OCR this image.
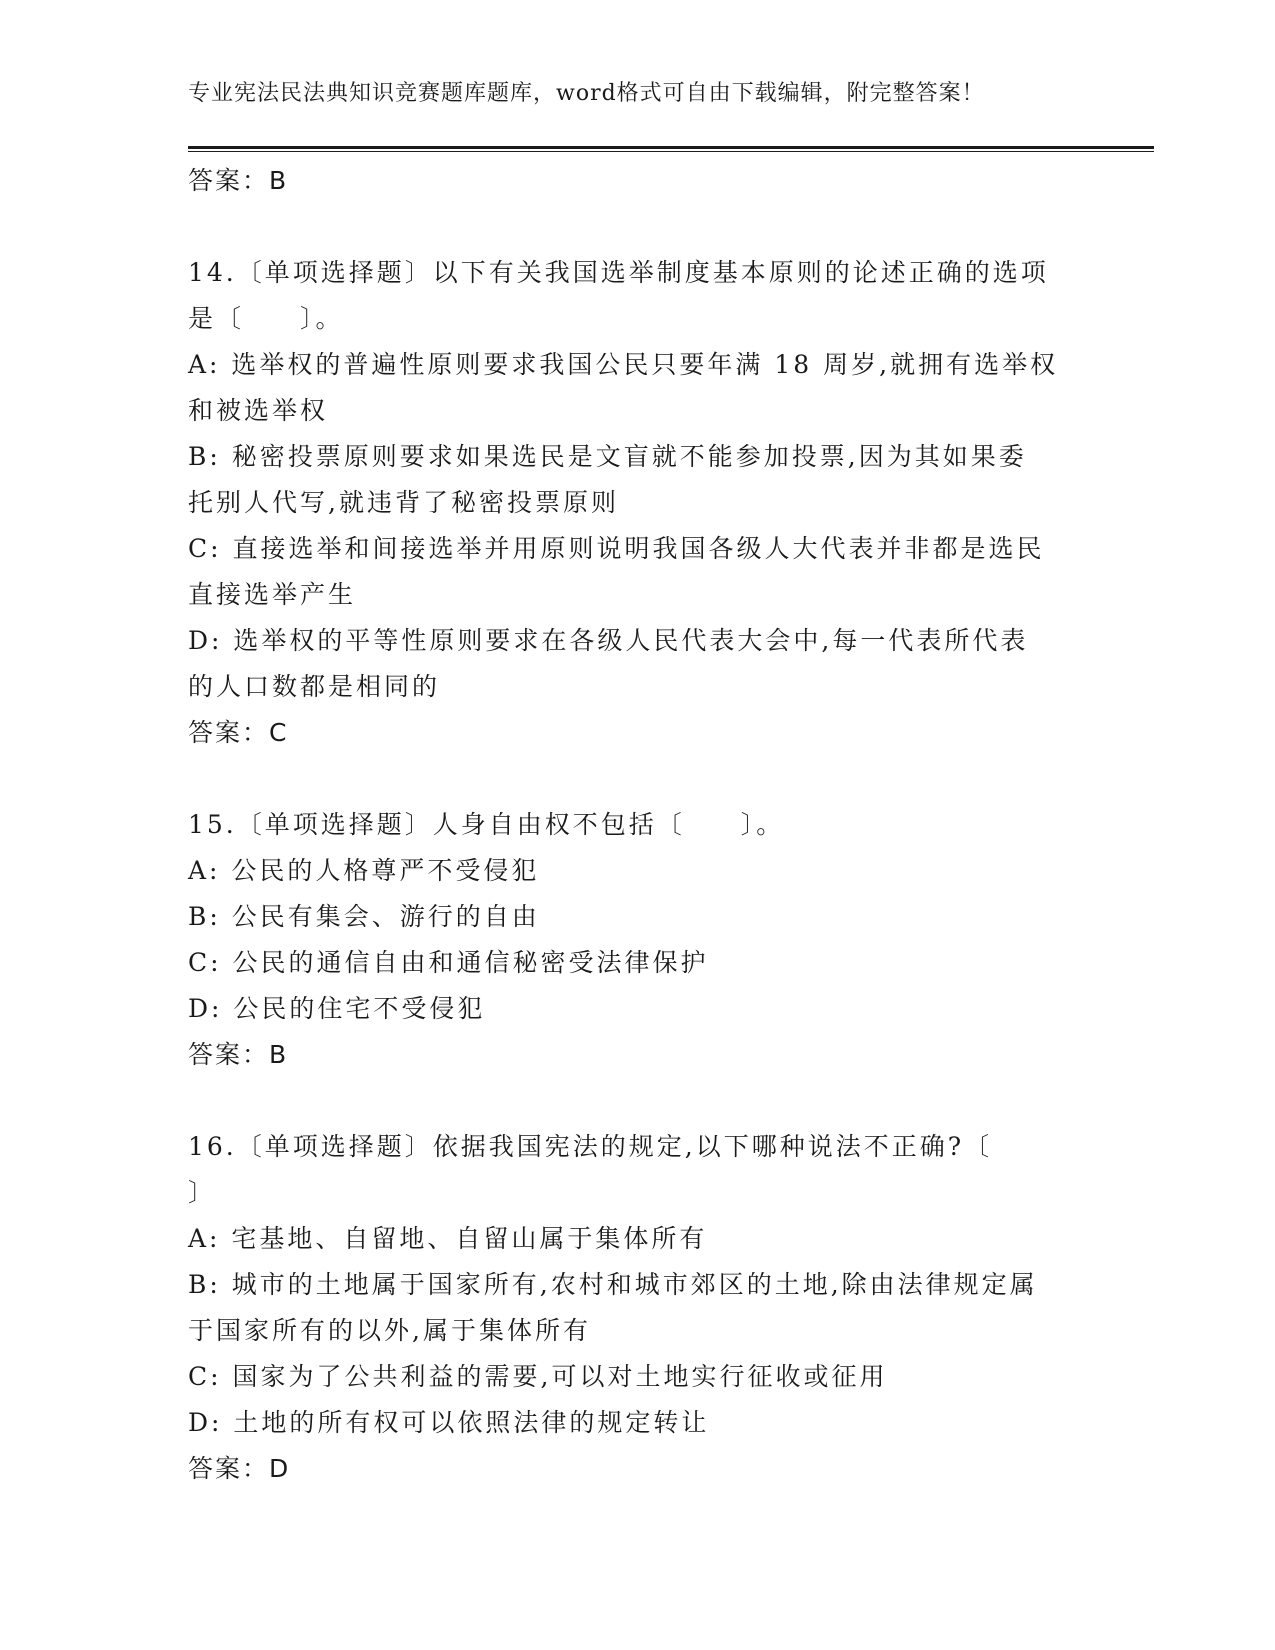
专业宪法民法典知识竞赛题库题库，word格式可自由下载编辑，附完整答案！
答案：B
14.〔单项选择题〕以下有关我国选举制度基本原则的论述正确的选项
是〔　　〕。
A: 选举权的普遍性原则要求我国公民只要年满 18 周岁,就拥有选举权
和被选举权
B: 秘密投票原则要求如果选民是文盲就不能参加投票,因为其如果委
托别人代写,就违背了秘密投票原则
C: 直接选举和间接选举并用原则说明我国各级人大代表并非都是选民
直接选举产生
D: 选举权的平等性原则要求在各级人民代表大会中,每一代表所代表
的人口数都是相同的
答案：C
15.〔单项选择题〕人身自由权不包括〔　　〕。
A: 公民的人格尊严不受侵犯
B: 公民有集会、游行的自由
C: 公民的通信自由和通信秘密受法律保护
D: 公民的住宅不受侵犯
答案：B
16.〔单项选择题〕依据我国宪法的规定,以下哪种说法不正确?〔
〕
A: 宅基地、自留地、自留山属于集体所有
B: 城市的土地属于国家所有,农村和城市郊区的土地,除由法律规定属
于国家所有的以外,属于集体所有
C: 国家为了公共利益的需要,可以对土地实行征收或征用
D: 土地的所有权可以依照法律的规定转让
答案：D
